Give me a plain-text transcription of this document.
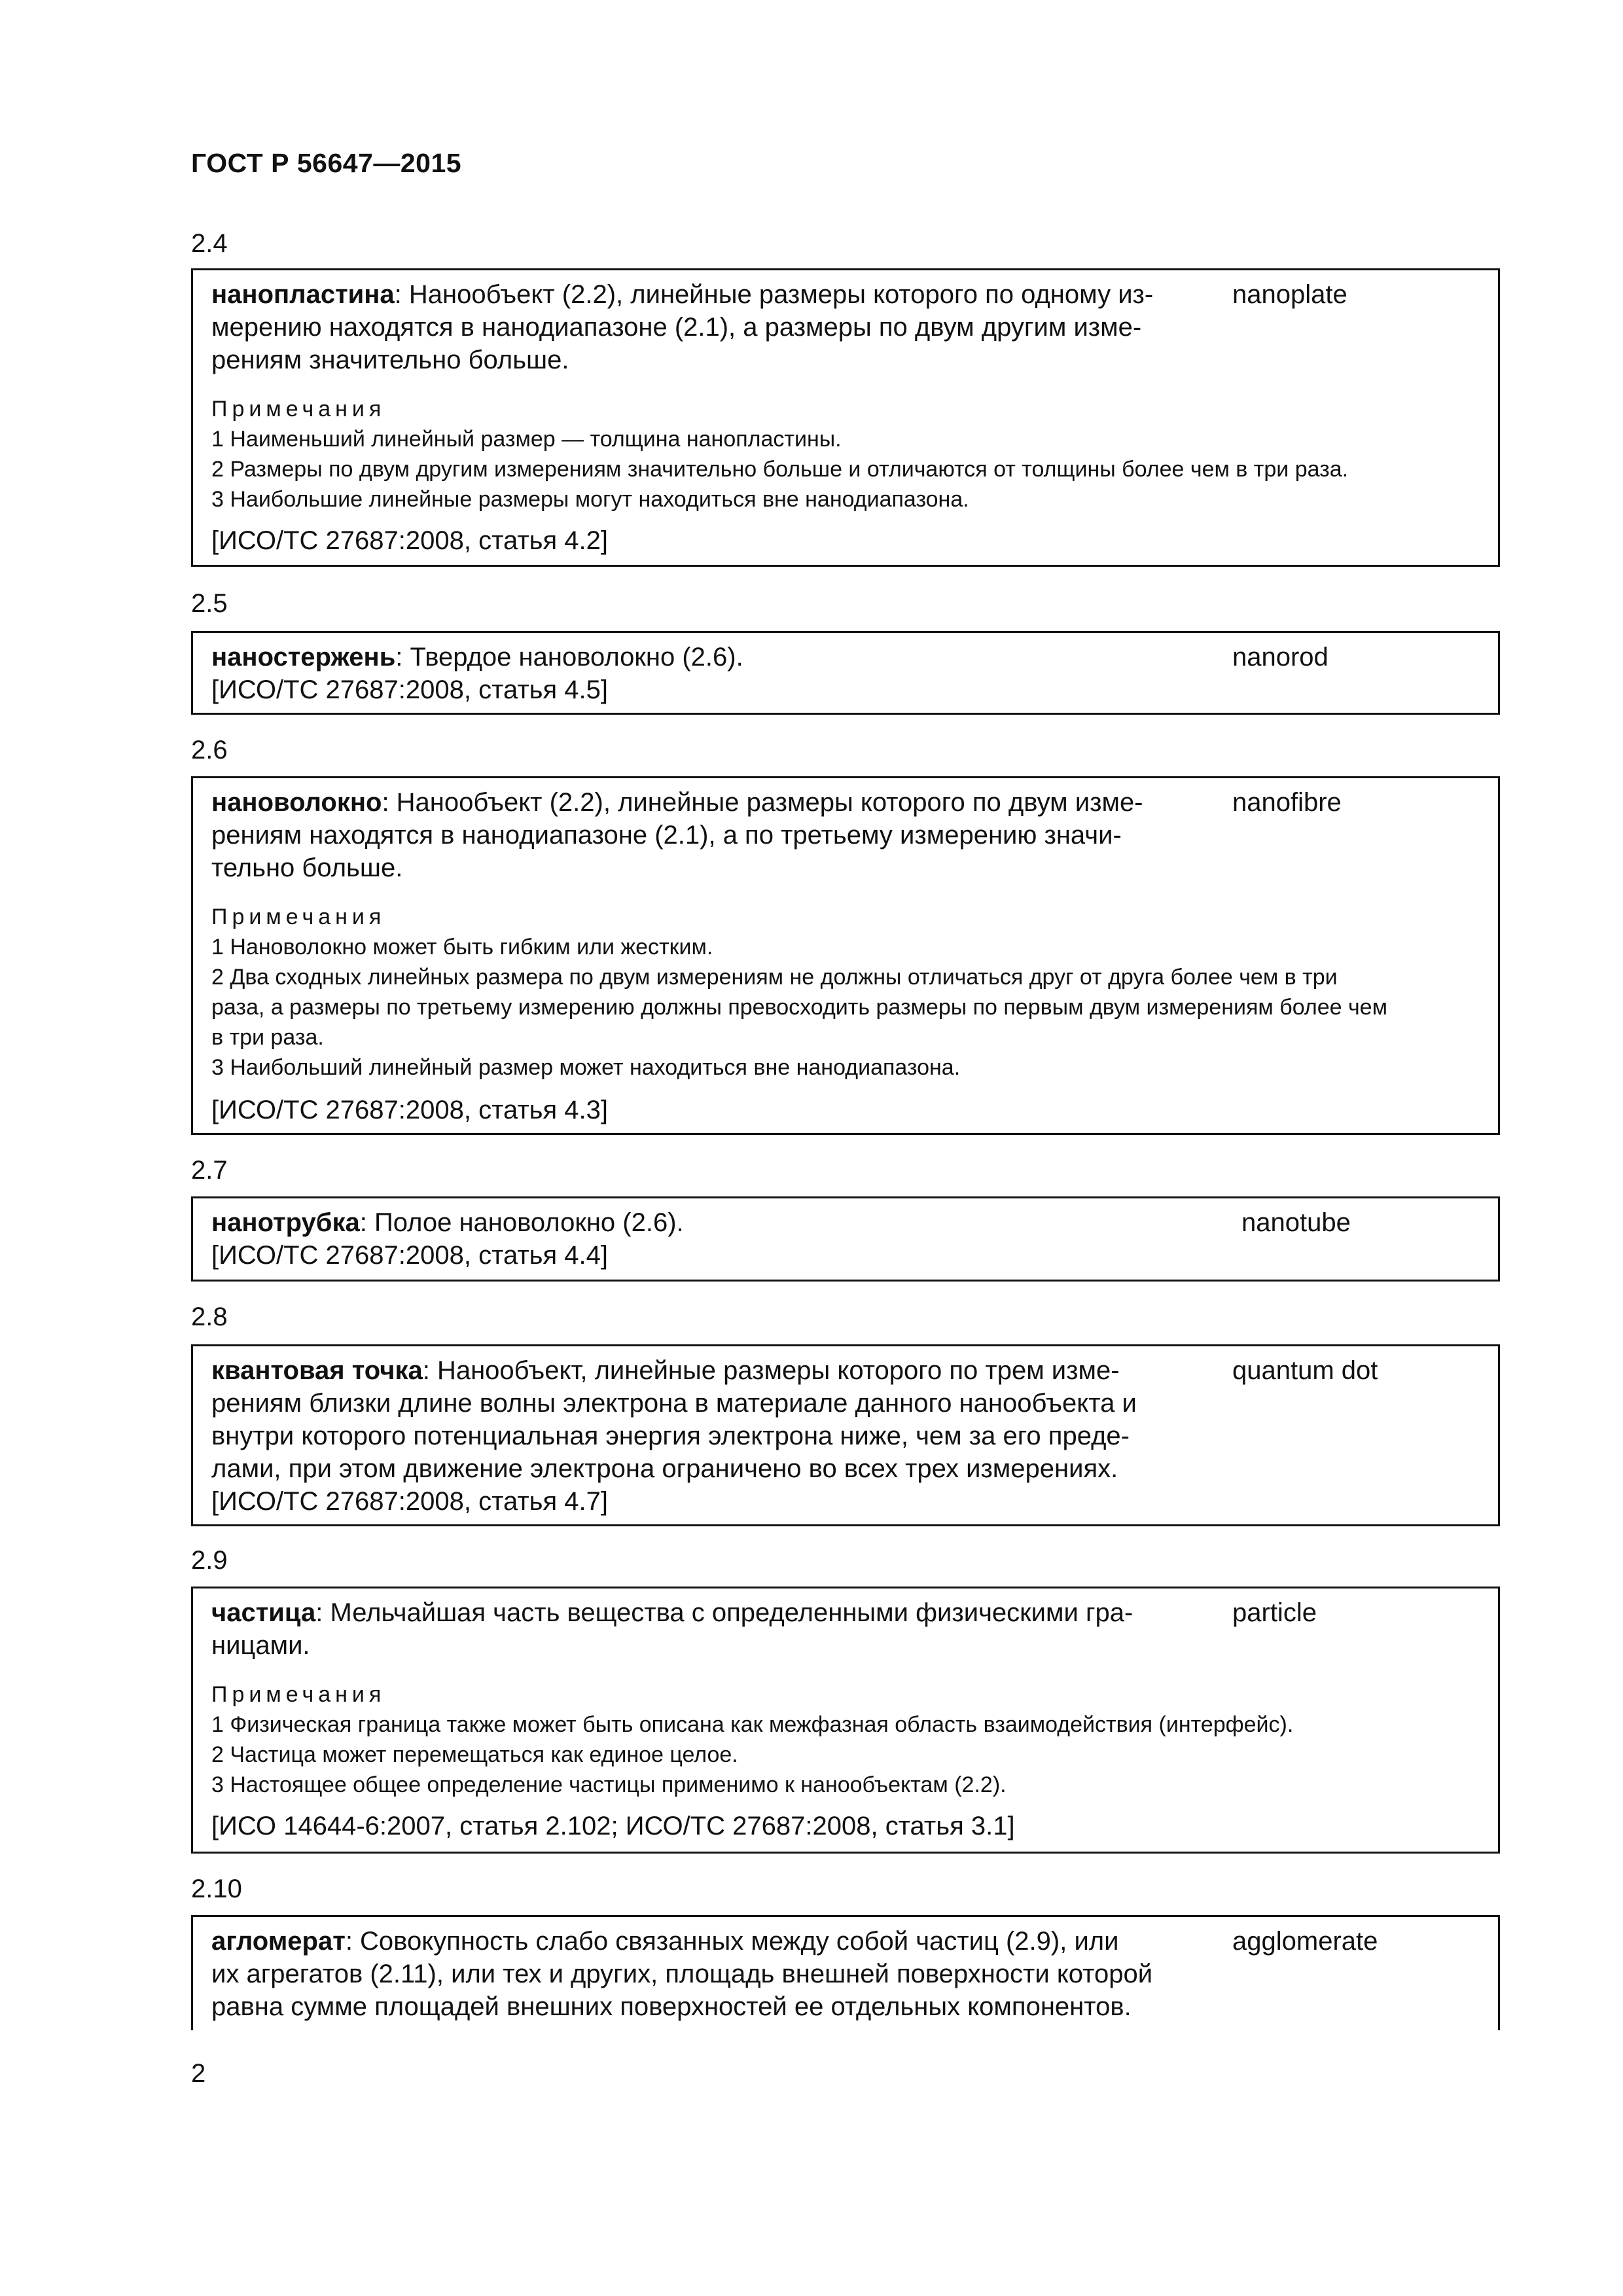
ГОСТ Р 56647—2015
2.4
нанопластина: Нанообъект (2.2), линейные размеры которого по одному из-
мерению находятся в нанодиапазоне (2.1), а размеры по двум другим изме-
рениям значительно больше.
nanoplate
Примечания
1 Наименьший линейный размер — толщина нанопластины.
2 Размеры по двум другим измерениям значительно больше и отличаются от толщины более чем в три раза.
3 Наибольшие линейные размеры могут находиться вне нанодиапазона.
[ИСО/ТС 27687:2008, статья 4.2]
2.5
наностержень: Твердое нановолокно (2.6).	nanorod
[ИСО/ТС 27687:2008, статья 4.5]
2.6
нановолокно: Нанообъект (2.2), линейные размеры которого по двум изме-
рениям находятся в нанодиапазоне (2.1), а по третьему измерению значи-
тельно больше.
nanofibre
Примечания
1 Нановолокно может быть гибким или жестким.
2 Два сходных линейных размера по двум измерениям не должны отличаться друг от друга более чем в три
раза, а размеры по третьему измерению должны превосходить размеры по первым двум измерениям более чем
в три раза.
3 Наибольший линейный размер может находиться вне нанодиапазона.
[ИСО/ТС 27687:2008, статья 4.3]
2.7
нанотрубка: Полое нановолокно (2.6).	nanotube
[ИСО/ТС 27687:2008, статья 4.4]
2.8
квантовая точка: Нанообъект, линейные размеры которого по трем изме-
рениям близки длине волны электрона в материале данного нанообъекта и
внутри которого потенциальная энергия электрона ниже, чем за его преде-
лами, при этом движение электрона ограничено во всех трех измерениях.
quantum dot
[ИСО/ТС 27687:2008, статья 4.7]
2.9
частица: Мельчайшая часть вещества с определенными физическими гра-
ницами.
particle
Примечания
1 Физическая граница также может быть описана как межфазная область взаимодействия (интерфейс).
2 Частица может перемещаться как единое целое.
3 Настоящее общее определение частицы применимо к нанообъектам (2.2).
[ИСО 14644-6:2007, статья 2.102; ИСО/ТС 27687:2008, статья 3.1]
2.10
агломерат: Совокупность слабо связанных между собой частиц (2.9), или
их агрегатов (2.11), или тех и других, площадь внешней поверхности которой
равна сумме площадей внешних поверхностей ее отдельных компонентов.
agglomerate
2
